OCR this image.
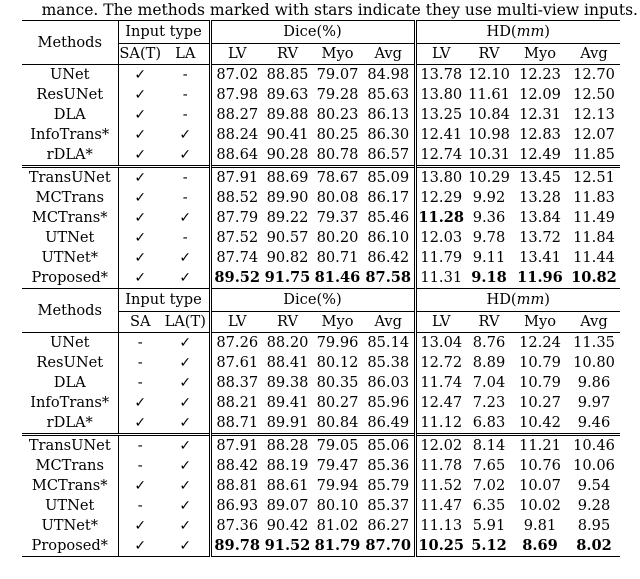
mance. The methods marked with stars indicate they use multi-view inputs.
Methods	Input type		Dice(%)				HD(mm)			
	SA(T)	LA	LV	RV	Myo	Avg	LV	RV	Myo	Avg
UNet	✓	-	87.02	88.85	79.07	84.98	13.78	12.10	12.23	12.70
ResUNet	✓	-	87.98	89.63	79.28	85.63	13.80	11.61	12.09	12.50
DLA	✓	-	88.27	89.88	80.23	86.13	13.25	10.84	12.31	12.13
InfoTrans*	✓	✓	88.24	90.41	80.25	86.30	12.41	10.98	12.83	12.07
rDLA*	✓	✓	88.64	90.28	80.78	86.57	12.74	10.31	12.49	11.85
TransUNet	✓	-	87.91	88.69	78.67	85.09	13.80	10.29	13.45	12.51
MCTrans	✓	-	88.52	89.90	80.08	86.17	12.29	9.92	13.28	11.83
MCTrans*	✓	✓	87.79	89.22	79.37	85.46	11.28	9.36	13.84	11.49
UTNet	✓	-	87.52	90.57	80.20	86.10	12.03	9.78	13.72	11.84
UTNet*	✓	✓	87.74	90.82	80.71	86.42	11.79	9.11	13.41	11.44
Proposed*	✓	✓	89.52	91.75	81.46	87.58	11.31	9.18	11.96	10.82
Methods	Input type		Dice(%)				HD(mm)			
	SA	LA(T)	LV	RV	Myo	Avg	LV	RV	Myo	Avg
UNet	-	✓	87.26	88.20	79.96	85.14	13.04	8.76	12.24	11.35
ResUNet	-	✓	87.61	88.41	80.12	85.38	12.72	8.89	10.79	10.80
DLA	-	✓	88.37	89.38	80.35	86.03	11.74	7.04	10.79	9.86
InfoTrans*	✓	✓	88.21	89.41	80.27	85.96	12.47	7.23	10.27	9.97
rDLA*	✓	✓	88.71	89.91	80.84	86.49	11.12	6.83	10.42	9.46
TransUNet	-	✓	87.91	88.28	79.05	85.06	12.02	8.14	11.21	10.46
MCTrans	-	✓	88.42	88.19	79.47	85.36	11.78	7.65	10.76	10.06
MCTrans*	✓	✓	88.81	88.61	79.94	85.79	11.52	7.02	10.07	9.54
UTNet	-	✓	86.93	89.07	80.10	85.37	11.47	6.35	10.02	9.28
UTNet*	✓	✓	87.36	90.42	81.02	86.27	11.13	5.91	9.81	8.95
Proposed*	✓	✓	89.78	91.52	81.79	87.70	10.25	5.12	8.69	8.02
